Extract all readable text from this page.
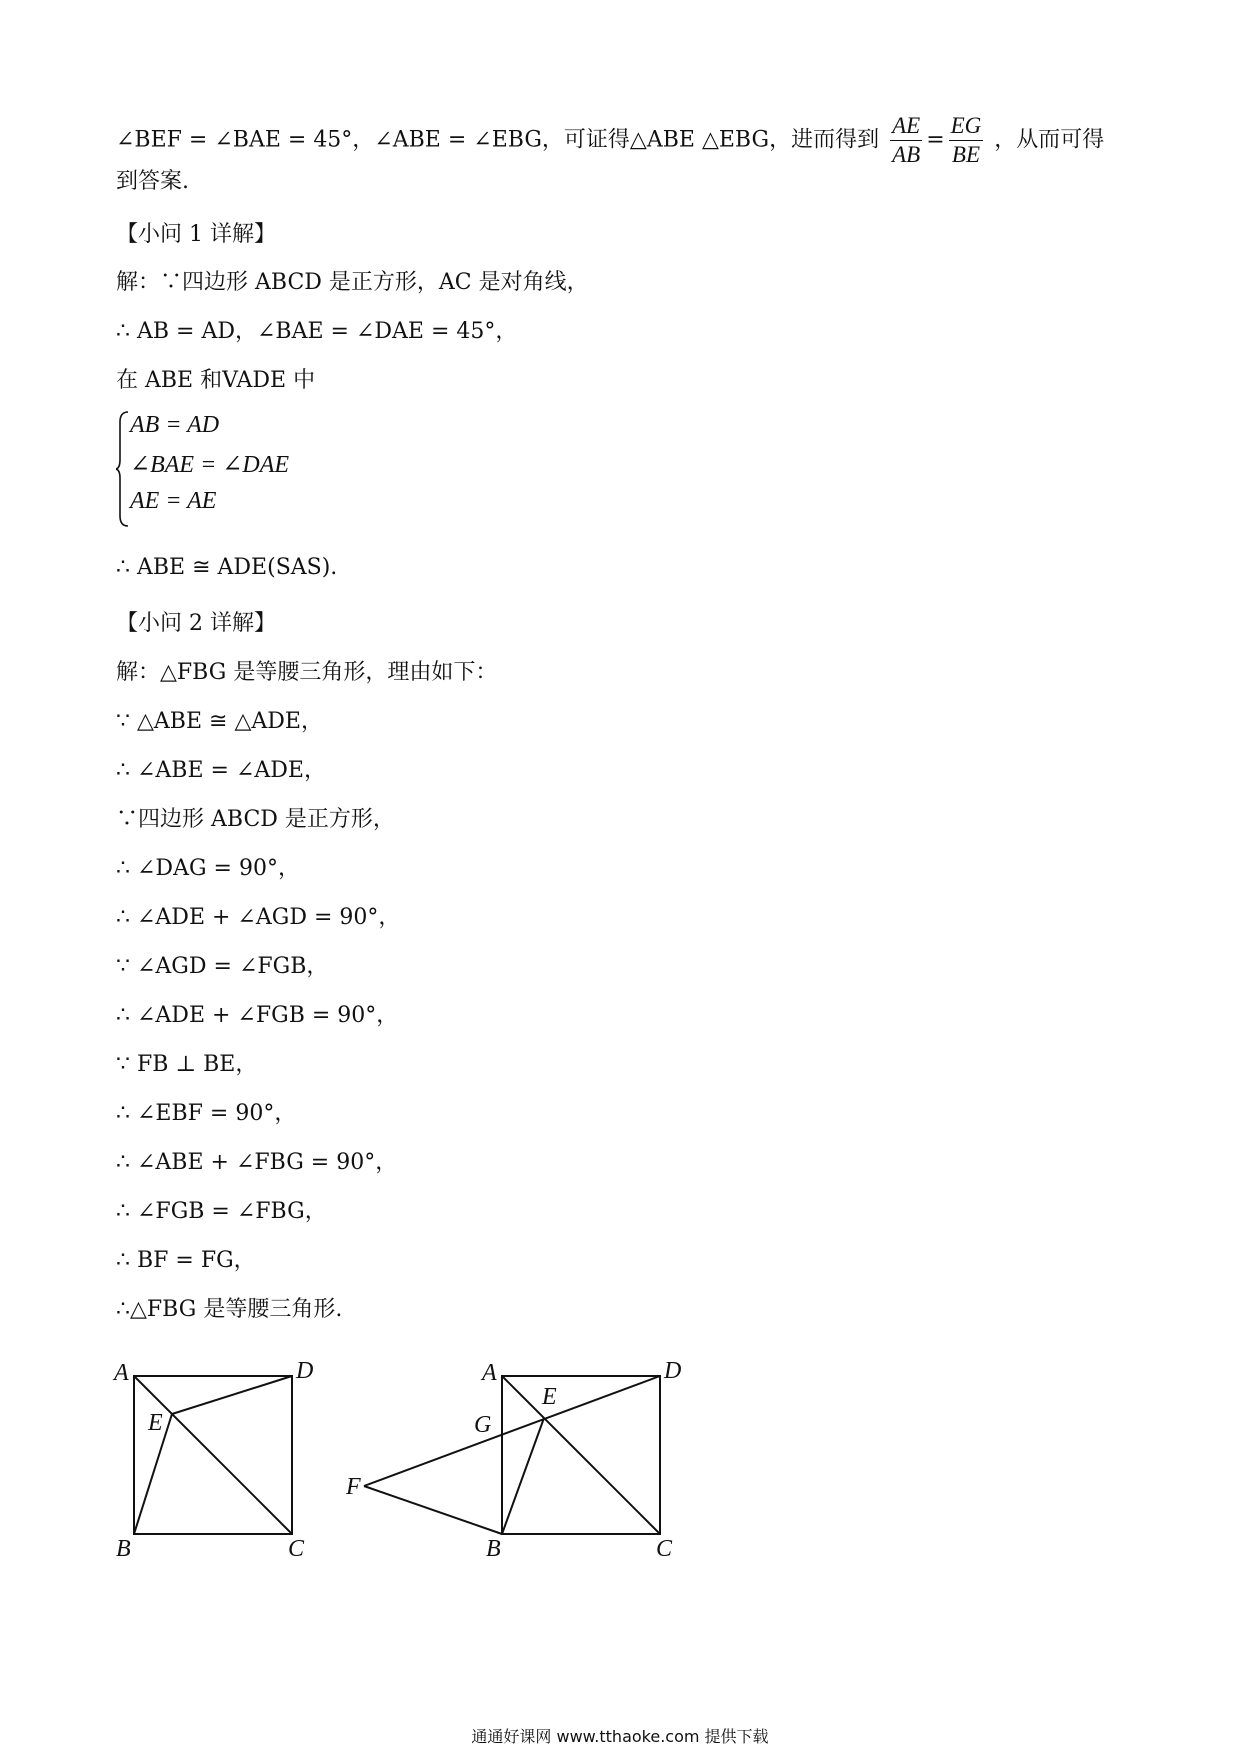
∠BEF = ∠BAE = 45°，∠ABE = ∠EBG，可证得△ABE △EBG，进而得到 $\frac{AE}{AB} = \frac{EG}{BE}$ ，从而可得
到答案.
【小问 1 详解】
解：∵四边形 ABCD 是正方形，AC 是对角线，
∴ AB = AD，∠BAE = ∠DAE = 45°，
在 ABE 和VADE 中
AB = AD
∠BAE = ∠DAE
AE = AE
∴ ABE ≅ ADE(SAS).
【小问 2 详解】
解：△FBG 是等腰三角形，理由如下：
∵ △ABE ≅ △ADE，
∴ ∠ABE = ∠ADE，
∵四边形 ABCD 是正方形，
∴ ∠DAG = 90°，
∴ ∠ADE + ∠AGD = 90°，
∵ ∠AGD = ∠FGB，
∴ ∠ADE + ∠FGB = 90°，
∵ FB ⊥ BE，
∴ ∠EBF = 90°，
∴ ∠ABE + ∠FBG = 90°，
∴ ∠FGB = ∠FBG，
∴ BF = FG，
∴△FBG 是等腰三角形.
A	D
E
B	C
A	D
E
G
F
B	C
通通好课网 www.tthaoke.com 提供下载
